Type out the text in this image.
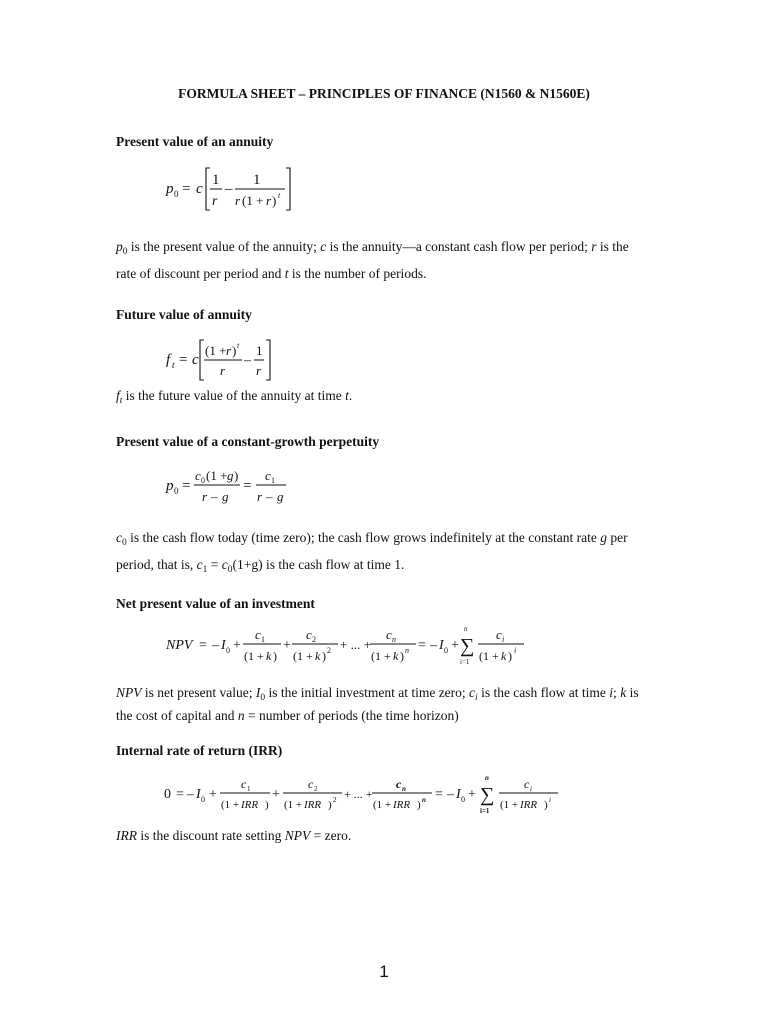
FORMULA SHEET – PRINCIPLES OF FINANCE (N1560 & N1560E)
Present value of an annuity
p 0 = c
1
r
–
1
r (1 + r ) t
$p_0$ is the present value of the annuity; c is the annuity—a constant cash flow per period; r is the rate of discount per period and t is the number of periods.
Future value of annuity
f t = c
(1 + r ) t
r
–
1
r
$f_t$ is the future value of the annuity at time t.
Present value of a constant-growth perpetuity
p 0 =
c 0 (1 + g )
r – g
=
c 1
r – g
$c_0$ is the cash flow today (time zero); the cash flow grows indefinitely at the constant rate g per period, that is, $c_1 = c_0(1+g)$ is the cash flow at time 1.
Net present value of an investment
NPV = – I 0 +
c 1
(1 + k )
+
c 2
(1 + k ) 2 + ... +
c n
(1 + k ) n = – I 0 +
n
∑
i=1
c i
(1 + k ) i
NPV is net present value; $I_0$ is the initial investment at time zero; $c_i$ is the cash flow at time i; k is the cost of capital and n = number of periods (the time horizon)
Internal rate of return (IRR)
0 = – I 0 +
c 1
(1 + IRR )
+
c 2
(1 + IRR ) 2 + ... +
c n
(1 + IRR ) n = – I 0 +
n
∑
i=1
c i
(1 + IRR ) i
IRR is the discount rate setting NPV = zero.
1
